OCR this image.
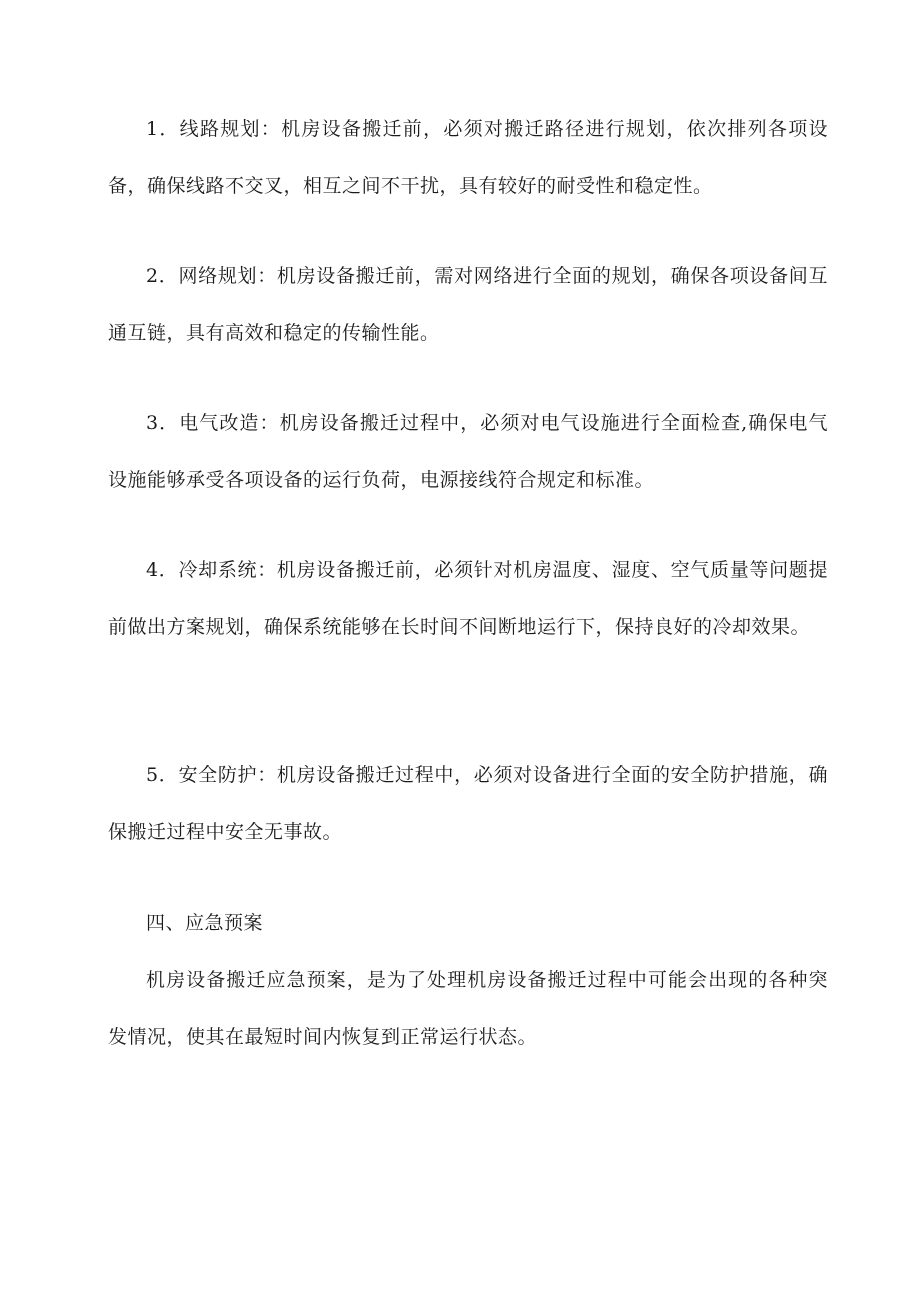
1．线路规划：机房设备搬迁前，必须对搬迁路径进行规划，依次排列各项设备，确保线路不交叉，相互之间不干扰，具有较好的耐受性和稳定性。

2．网络规划：机房设备搬迁前，需对网络进行全面的规划，确保各项设备间互通互链，具有高效和稳定的传输性能。

3．电气改造：机房设备搬迁过程中，必须对电气设施进行全面检查,确保电气设施能够承受各项设备的运行负荷，电源接线符合规定和标准。

4．冷却系统：机房设备搬迁前，必须针对机房温度、湿度、空气质量等问题提前做出方案规划，确保系统能够在长时间不间断地运行下，保持良好的冷却效果。

5．安全防护：机房设备搬迁过程中，必须对设备进行全面的安全防护措施，确保搬迁过程中安全无事故。

四、应急预案

机房设备搬迁应急预案，是为了处理机房设备搬迁过程中可能会出现的各种突发情况，使其在最短时间内恢复到正常运行状态。
